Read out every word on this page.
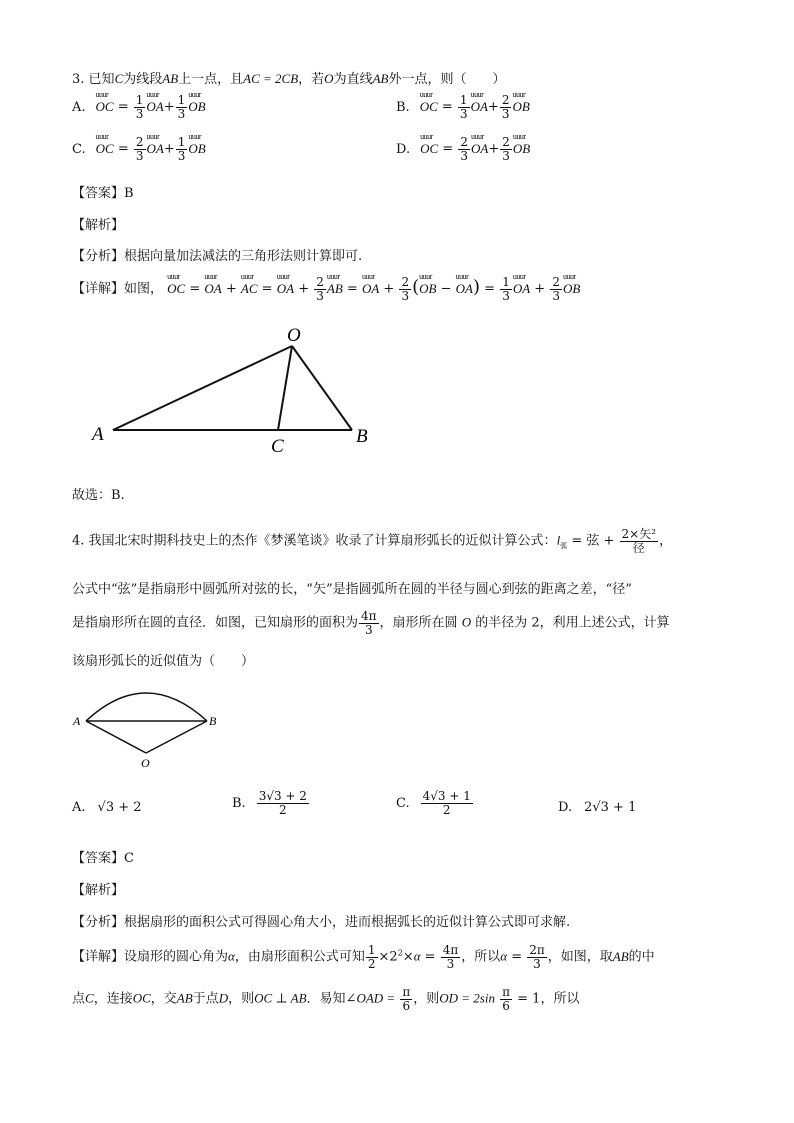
3. 已知C为线段AB上一点，且AC = 2CB，若O为直线AB外一点，则（　　）
A. uuur OC = $\frac{1}{3}$ uuur $OA+ \frac{1}{3}$ uuur OB	B. uuur OC = $\frac{1}{3}$ uuur $OA+ \frac{2}{3}$ uuur OB
C. uuur OC = $\frac{2}{3}$ uuur $OA+ \frac{1}{3}$ uuur OB	D. uuur OC = $\frac{2}{3}$ uuur $OA+ \frac{2}{3}$ uuur OB
【答案】B
【解析】
【分析】根据向量加法减法的三角形法则计算即可.
【详解】如图， uuur OC = uuur OA + uuur AC = uuur OA + $\frac{2}{3}$ uuur AB = uuur OA + $\frac{2}{3}$ (uuur OB − uuur $OA) = \frac{1}{3}$ uuur OA + $\frac{2}{3}$ uuur OB
O
A	B
C
故选：B.
4. 我国北宋时期科技史上的杰作《梦溪笔谈》收录了计算扇形弧长的近似计算公式：$l_弧$ = 弦 + $\frac{\text{2×矢²}}{\text{径}}$ ，
公式中“弦”是指扇形中圆弧所对弦的长，“矢”是指圆弧所在圆的半径与圆心到弦的距离之差，“径”
是指扇形所在圆的直径．如图，已知扇形的面积为 $\frac{4\pi}{3}$ ，扇形所在圆 O 的半径为 2，利用上述公式，计算
该扇形弧长的近似值为（　　）
A	B
O
A. √3 + 2	B. $\frac{3√3 + 2}{2}$	C. $\frac{4√3 + 1}{2}$	D. 2√3 + 1
【答案】C
【解析】
【分析】根据扇形的面积公式可得圆心角大小，进而根据弧长的近似计算公式即可求解.
【详解】设扇形的圆心角为α，由扇形面积公式可知 $\frac{1}{2} \times 2^2\times\alpha = \frac{4\pi}{3}$ ，所以$\alpha = \frac{2\pi}{3}$ ，如图，取AB的中
点C，连接OC，交AB于点D，则OC ⊥ AB．易知∠OAD = $\frac{\pi}{6}$ ，则OD = $2\sin \frac{\pi}{6} = 1$，所以
